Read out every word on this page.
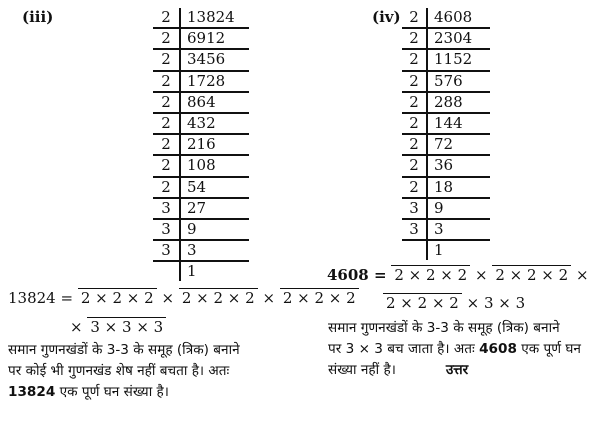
(iii)	2	13824
2	6912
2	3456
2	1728
2	864
2	432
2	216
2	108
2	54
3	27
3	9
3	3
	1
13824 = 2 × 2 × 2 × 2 × 2 × 2 × 2 × 2 × 2
× 3 × 3 × 3
समान गुणनखंडों के 3-3 के समूह (त्रिक) बनाने
पर कोई भी गुणनखंड शेष नहीं बचता है। अतः
13824 एक पूर्ण घन संख्या है।
(iv) 2	4608
2	2304
2	1152
2	576
2	288
2	144
2	72
2	36
2	18
3	9
3	3
	1
4608 = 2 × 2 × 2 × 2 × 2 × 2 ×
2 × 2 × 2 × 3 × 3
समान गुणनखंडों के 3-3 के समूह (त्रिक) बनाने
पर 3 × 3 बच जाता है। अतः 4608 एक पूर्ण घन
संख्या नहीं है।	उत्तर
